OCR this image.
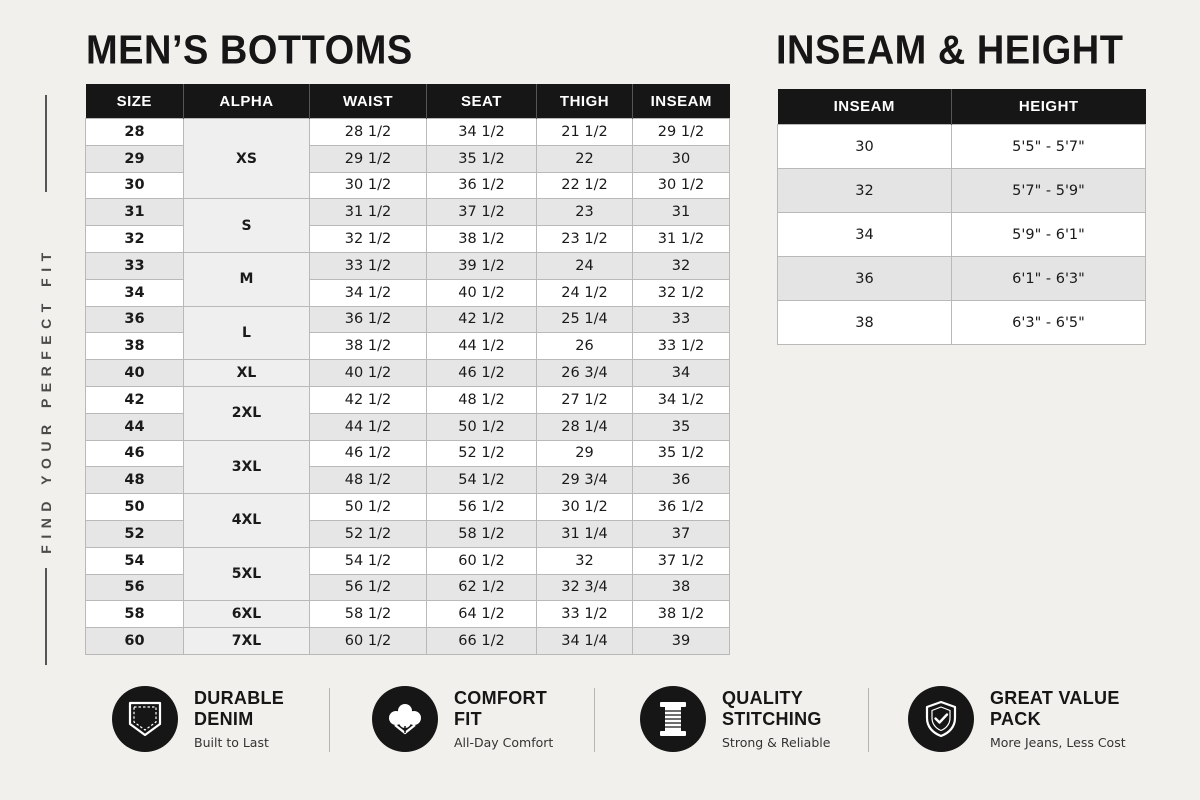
MEN’S BOTTOMS	INSEAM & HEIGHT
FIND YOUR PERFECT FIT
SIZE	ALPHA	WAIST	SEAT	THIGH	INSEAM
28	XS	28 1/2	34 1/2	21 1/2	29 1/2
29		29 1/2	35 1/2	22	30
30		30 1/2	36 1/2	22 1/2	30 1/2
31	S	31 1/2	37 1/2	23	31
32		32 1/2	38 1/2	23 1/2	31 1/2
33	M	33 1/2	39 1/2	24	32
34		34 1/2	40 1/2	24 1/2	32 1/2
36	L	36 1/2	42 1/2	25 1/4	33
38		38 1/2	44 1/2	26	33 1/2
40	XL	40 1/2	46 1/2	26 3/4	34
42	2XL	42 1/2	48 1/2	27 1/2	34 1/2
44		44 1/2	50 1/2	28 1/4	35
46	3XL	46 1/2	52 1/2	29	35 1/2
48		48 1/2	54 1/2	29 3/4	36
50	4XL	50 1/2	56 1/2	30 1/2	36 1/2
52		52 1/2	58 1/2	31 1/4	37
54	5XL	54 1/2	60 1/2	32	37 1/2
56		56 1/2	62 1/2	32 3/4	38
58	6XL	58 1/2	64 1/2	33 1/2	38 1/2
60	7XL	60 1/2	66 1/2	34 1/4	39
INSEAM	HEIGHT
30	5'5" - 5'7"
32	5'7" - 5'9"
34	5'9" - 6'1"
36	6'1" - 6'3"
38	6'3" - 6'5"
DURABLE
DENIM
Built to Last
COMFORT
FIT
All-Day Comfort
QUALITY
STITCHING
Strong & Reliable
GREAT VALUE
PACK
More Jeans, Less Cost
